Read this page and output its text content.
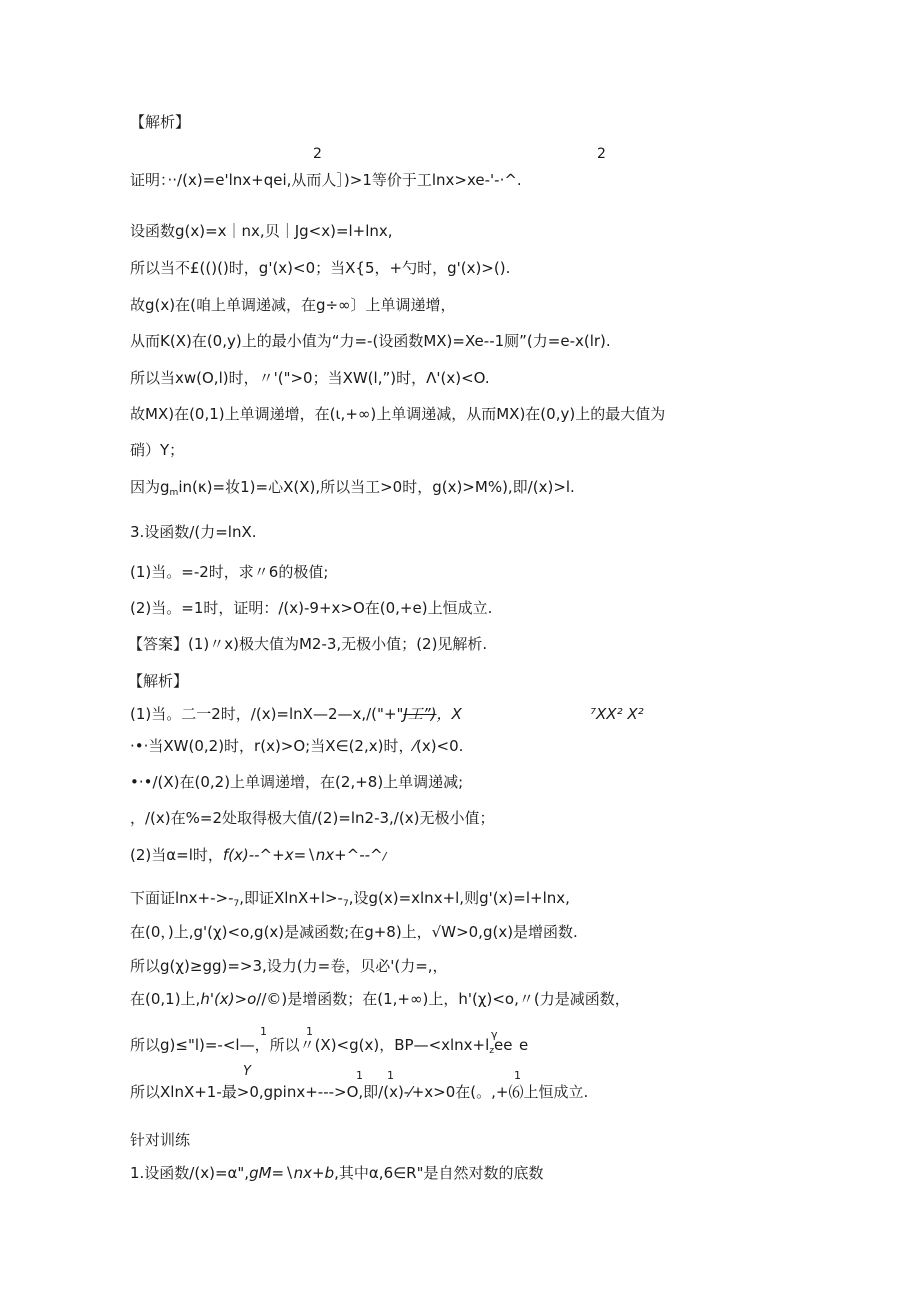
【解析】
2	2
证明：··∕(x)=e'lnx+qei,从而人］)>1等价于工lnx>xe-'-·^.
设函数g(x)=x｜nx,贝｜Jg<x)=l+lnx,
所以当不£(()()时，g'(x)<0；当X{5，+勺时，g'(x)>().
故g(x)在(咱上单调递减，在g÷∞〕上单调递增，
从而K(X)在(0,y)上的最小值为“力=-(设函数MX)=Xe--1厕”(力=e-x(lr).
所以当xw(O,l)时，〃'(">0；当XW(l,”)时，Λ'(x)<O.
故MX)在(0,1)上单调递增，在(ι,+∞)上单调递减，从而MX)在(0,y)上的最大值为
硝）Y；
因为$g_min(\kappa)=$妆1)=心X(X),所以当工>0时，g(x)>M%),即/(x)>l.
3.设函数/(力=lnX.
(1)当。=-2时，求〃6的极值;
(2)当。=1时，证明：/(x)-9+x>O在(0,+e)上恒成立.
【答案】(1)〃x)极大值为M2-3,无极小值；(2)见解析.
【解析】
(1)当。二一2时，/(x)=lnX—2—x,/("+"J工”)，X	⁷XX² X²
·•·当XW(0,2)时，r(x)>O;当X∈(2,x)时，⁄(x)<0.
•·•/(X)在(0,2)上单调递增，在(2,+8)上单调递减;
，/(x)在%=2处取得极大值/(2)=ln2-3,/(x)无极小值；
(2)当α=l时，f(x)--^+x=∖nx+^--^/
下面证$\ln x+->-_7$,即证$XlnX+l>-_7$,设g(x)=xlnx+l,则g'(x)=l+lnx,
在(0，)上,g'(χ)<o,g(x)是减函数;在g+8)上，√W>0,g(x)是增函数.
所以g(χ)≥gg)=>3,设力(力=卷，贝必'(力=,，
在(0,1)上,h'(x)>o//©)是增函数；在(1,+∞)上，h'(χ)<o,〃(力是减函数，
1	1
所以g)≤"l)=-<l—，所以〃(X)<g(x)，$BP—<xlnx+l_zee$
γ
e
Y	1 1	1
所以XlnX+1-最>0,gpinx+--->O,即/(x)-⁄+x>0在(。,+⑹上恒成立.
针对训练
1.设函数/(x)=α",gM=∖nx+b,其中α,6∈R"是自然对数的底数
